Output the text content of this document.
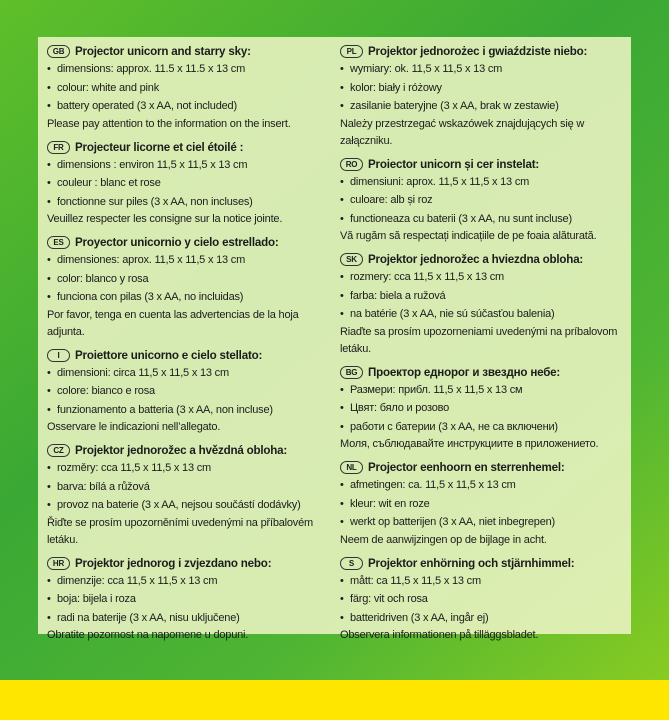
GB Projector unicorn and starry sky:
• dimensions: approx. 11.5 x 11.5 x 13 cm
• colour: white and pink
• battery operated (3 x AA, not included)
Please pay attention to the information on the insert.
FR Projecteur licorne et ciel étoilé :
• dimensions : environ 11,5 x 11,5 x 13 cm
• couleur : blanc et rose
• fonctionne sur piles (3 x AA, non incluses)
Veuillez respecter les consigne sur la notice jointe.
ES Proyector unicornio y cielo estrellado:
• dimensiones: aprox. 11,5 x 11,5 x 13 cm
• color: blanco y rosa
• funciona con pilas (3 x AA, no incluidas)
Por favor, tenga en cuenta las advertencias de la hoja adjunta.
I	Proiettore unicorno e cielo stellato:
• dimensioni: circa 11,5 x 11,5 x 13 cm
• colore: bianco e rosa
• funzionamento a batteria (3 x AA, non incluse)
Osservare le indicazioni nell’allegato.
CZ Projektor jednorožec a hvězdná obloha:
• rozměry: cca 11,5 x 11,5 x 13 cm
• barva: bílá a růžová
• provoz na baterie (3 x AA, nejsou součástí dodávky)
Řiďte se prosím upozorněními uvedenými na příbalovém letáku.
HR Projektor jednorog i zvjezdano nebo:
• dimenzije: cca 11,5 x 11,5 x 13 cm
• boja: bijela i roza
• radi na baterije (3 x AA, nisu uključene)
Obratite pozornost na napomene u dopuni.
PL Projektor jednorożec i gwiaździste niebo:
• wymiary: ok. 11,5 x 11,5 x 13 cm
• kolor: biały i różowy
• zasilanie bateryjne (3 x AA, brak w zestawie)
Należy przestrzegać wskazówek znajdujących się w załączniku.
RO Proiector unicorn și cer instelat:
• dimensiuni: aprox. 11,5 x 11,5 x 13 cm
• culoare: alb și roz
• functioneaza cu baterii (3 x AA, nu sunt incluse)
Vă rugăm să respectați indicațiile de pe foaia alăturată.
SK Projektor jednorožec a hviezdna obloha:
• rozmery: cca 11,5 x 11,5 x 13 cm
• farba: biela a ružová
• na batérie (3 x AA, nie sú súčasťou balenia)
Riaďte sa prosím upozorneniami uvedenými na príbalovom letáku.
BG Проектор еднорог и звездно небе:
• Размери: прибл. 11,5 x 11,5 x 13 см
• Цвят: бяло и розово
• работи с батерии (3 x AA, не са включени)
Моля, съблюдавайте инструкциите в приложението.
NL Projector eenhoorn en sterrenhemel:
• afmetingen: ca. 11,5 x 11,5 x 13 cm
• kleur: wit en roze
• werkt op batterijen (3 x AA, niet inbegrepen)
Neem de aanwijzingen op de bijlage in acht.
S	Projektor enhörning och stjärnhimmel:
• mått: ca 11,5 x 11,5 x 13 cm
• färg: vit och rosa
• batteridriven (3 x AA, ingår ej)
Observera informationen på tilläggsbladet.
